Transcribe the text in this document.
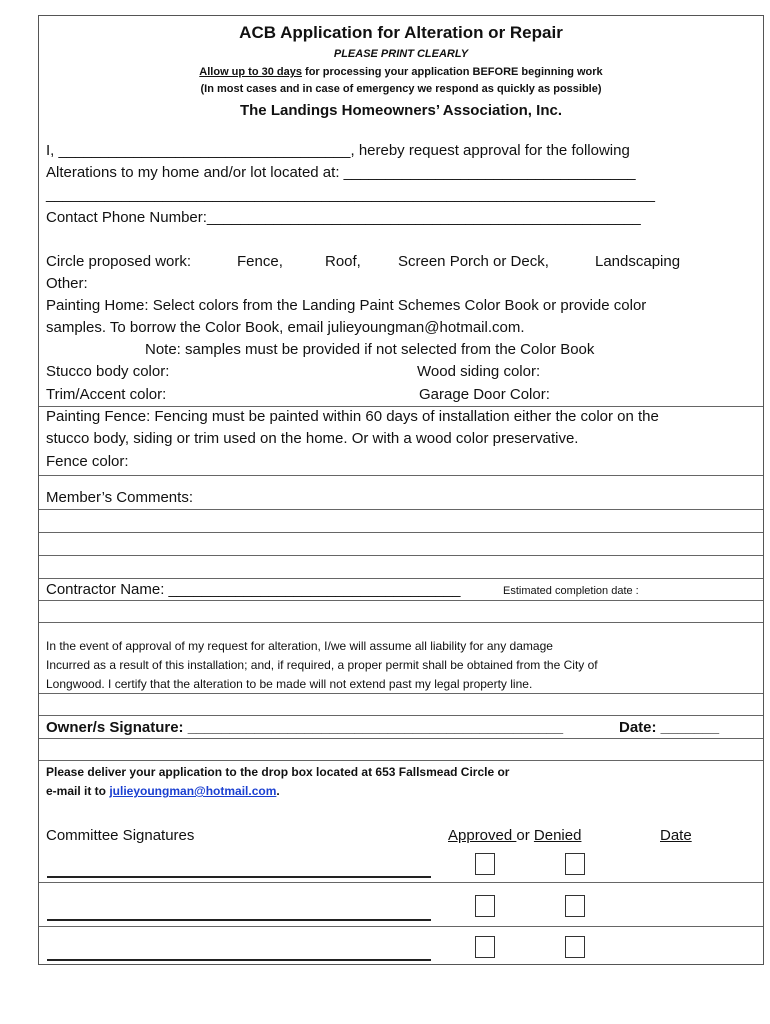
ACB Application for Alteration or Repair
PLEASE PRINT CLEARLY
Allow up to 30 days for processing your application BEFORE beginning work
(In most cases and in case of emergency we respond as quickly as possible)
The Landings Homeowners’ Association, Inc.
I, ___________________________________, hereby request approval for the following
Alterations to my home and/or lot located at: ___________________________________
_________________________________________________________________________
Contact Phone Number:____________________________________________________
Circle proposed work:	Fence,	Roof, Screen Porch or Deck,	Landscaping
Other:
Painting Home: Select colors from the Landing Paint Schemes Color Book or provide color
samples. To borrow the Color Book, email julieyoungman@hotmail.com.
Note: samples must be provided if not selected from the Color Book
Stucco body color:	Wood siding color:
Trim/Accent color:	Garage Door Color:
Painting Fence: Fencing must be painted within 60 days of installation either the color on the
stucco body, siding or trim used on the home. Or with a wood color preservative.
Fence color:
Member’s Comments:
Contractor Name: ___________________________________	Estimated completion date :
In the event of approval of my request for alteration, I/we will assume all liability for any damage
Incurred as a result of this installation; and, if required, a proper permit shall be obtained from the City of
Longwood. I certify that the alteration to be made will not extend past my legal property line.
Owner/s Signature: _____________________________________________	Date: _______
Please deliver your application to the drop box located at 653 Fallsmead Circle or
e-mail it to julieyoungman@hotmail.com.
Committee Signatures	Approved or Denied	Date
